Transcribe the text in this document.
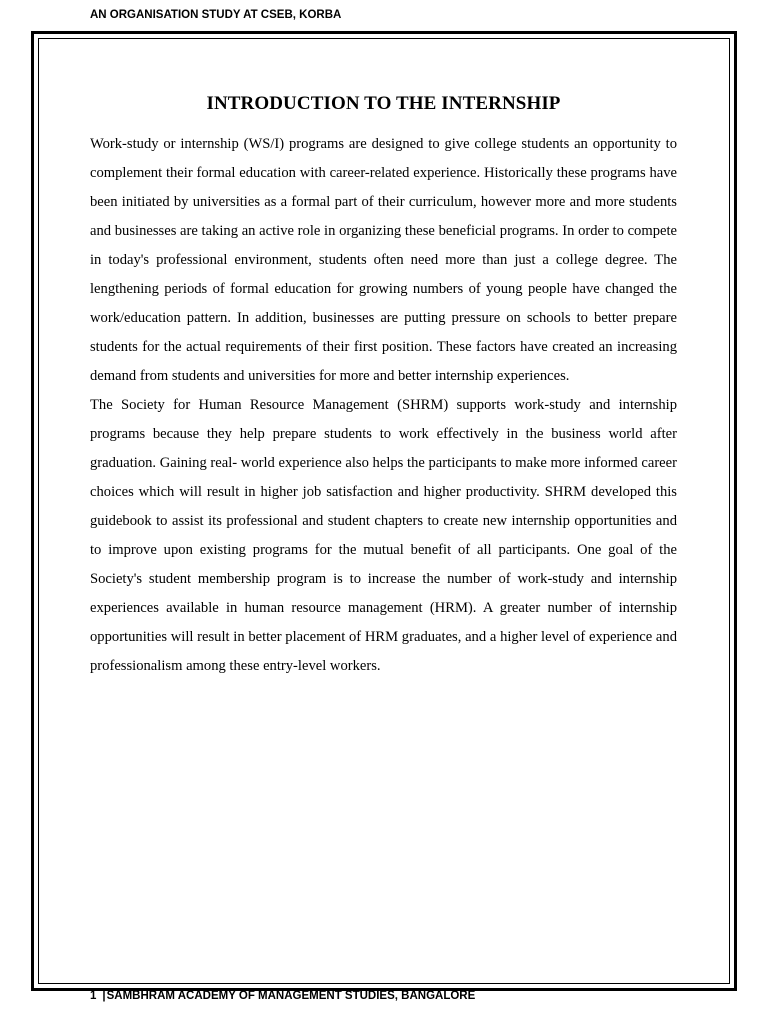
AN ORGANISATION STUDY AT CSEB, KORBA
INTRODUCTION TO THE INTERNSHIP

Work-study or internship (WS/I) programs are designed to give college students an opportunity to complement their formal education with career-related experience. Historically these programs have been initiated by universities as a formal part of their curriculum, however more and more students and businesses are taking an active role in organizing these beneficial programs. In order to compete in today's professional environment, students often need more than just a college degree. The lengthening periods of formal education for growing numbers of young people have changed the work/education pattern. In addition, businesses are putting pressure on schools to better prepare students for the actual requirements of their first position. These factors have created an increasing demand from students and universities for more and better internship experiences.

The Society for Human Resource Management (SHRM) supports work-study and internship programs because they help prepare students to work effectively in the business world after graduation. Gaining real- world experience also helps the participants to make more informed career choices which will result in higher job satisfaction and higher productivity. SHRM developed this guidebook to assist its professional and student chapters to create new internship opportunities and to improve upon existing programs for the mutual benefit of all participants. One goal of the Society's student membership program is to increase the number of work-study and internship experiences available in human resource management (HRM). A greater number of internship opportunities will result in better placement of HRM graduates, and a higher level of experience and professionalism among these entry-level workers.

1 |SAMBHRAM ACADEMY OF MANAGEMENT STUDIES, BANGALORE
